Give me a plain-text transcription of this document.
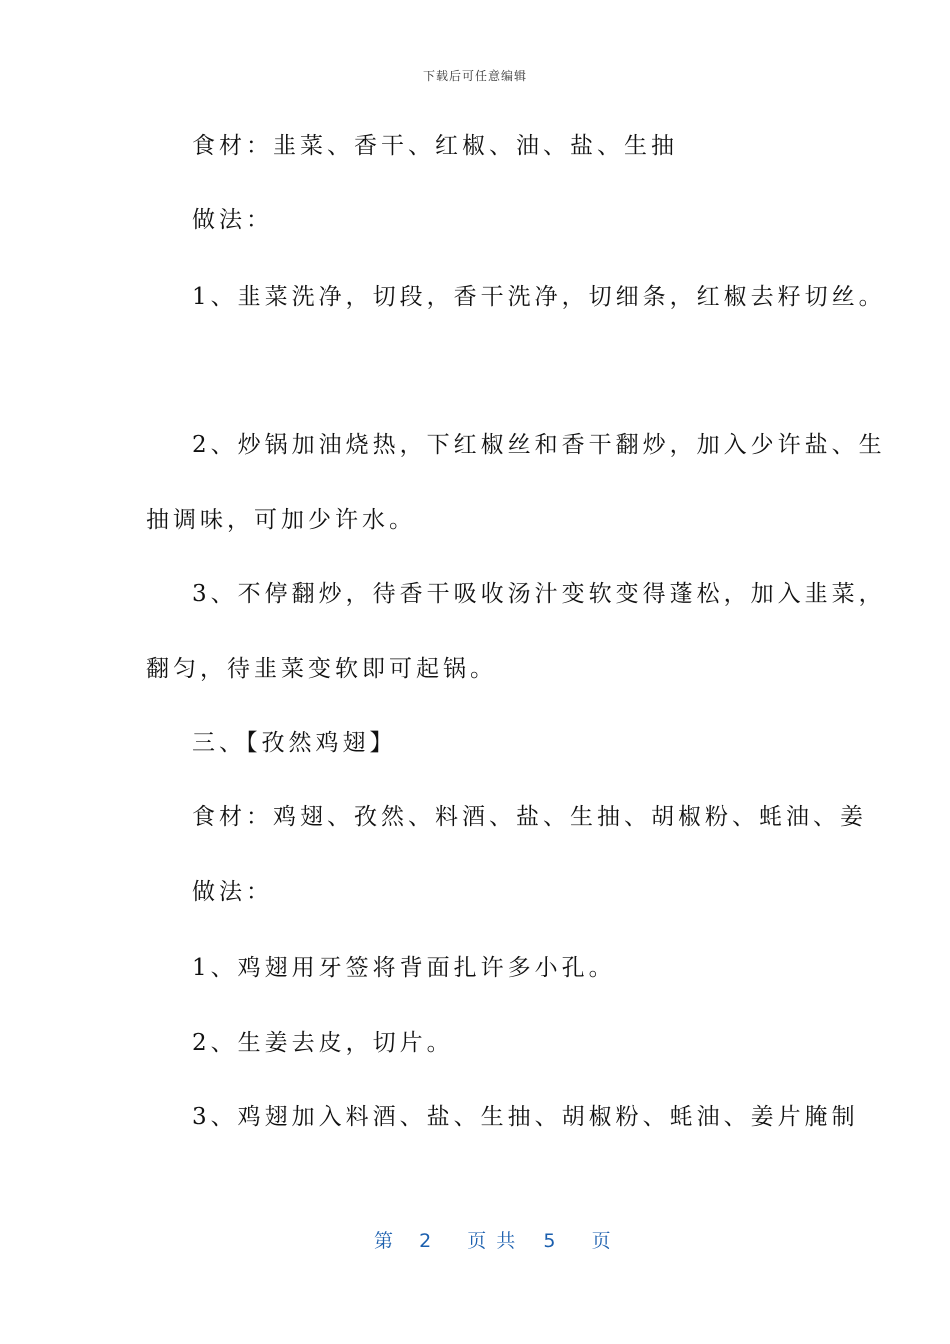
下载后可任意编辑
食材：韭菜、香干、红椒、油、盐、生抽
做法：
1、韭菜洗净，切段，香干洗净，切细条，红椒去籽切丝。
2、炒锅加油烧热，下红椒丝和香干翻炒，加入少许盐、生
抽调味，可加少许水。
3、不停翻炒，待香干吸收汤汁变软变得蓬松，加入韭菜，
翻匀，待韭菜变软即可起锅。
三、【孜然鸡翅】
食材：鸡翅、孜然、料酒、盐、生抽、胡椒粉、蚝油、姜
做法：
1、鸡翅用牙签将背面扎许多小孔。
2、生姜去皮，切片。
3、鸡翅加入料酒、盐、生抽、胡椒粉、蚝油、姜片腌制
第 2 页共 5 页
